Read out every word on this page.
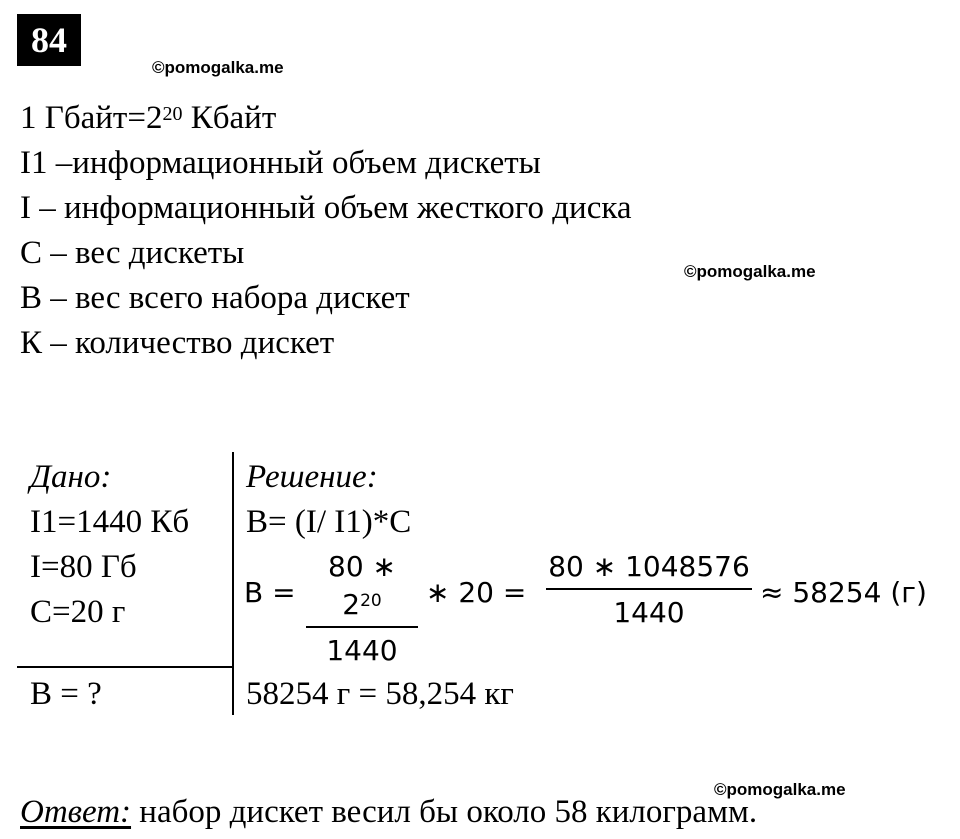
84
©pomogalka.me
1 $Гбайт=2^{20}$ Кбайт
I1 –информационный объем дискеты
I – информационный объем жесткого диска
С – вес дискеты
©pomogalka.me
В – вес всего набора дискет
К – количество дискет
Дано:
I1=1440 Кб
I=80 Гб
С=20 г
В = ?
Решение:
В= (I/ I1)*С
В =
80 ∗ $2^{20}$
1440
∗ 20 =
80 ∗ 1048576
1440
≈ 58254 (г)
58254 г = 58,254 кг
©pomogalka.me
Ответ: набор дискет весил бы около 58 килограмм.
